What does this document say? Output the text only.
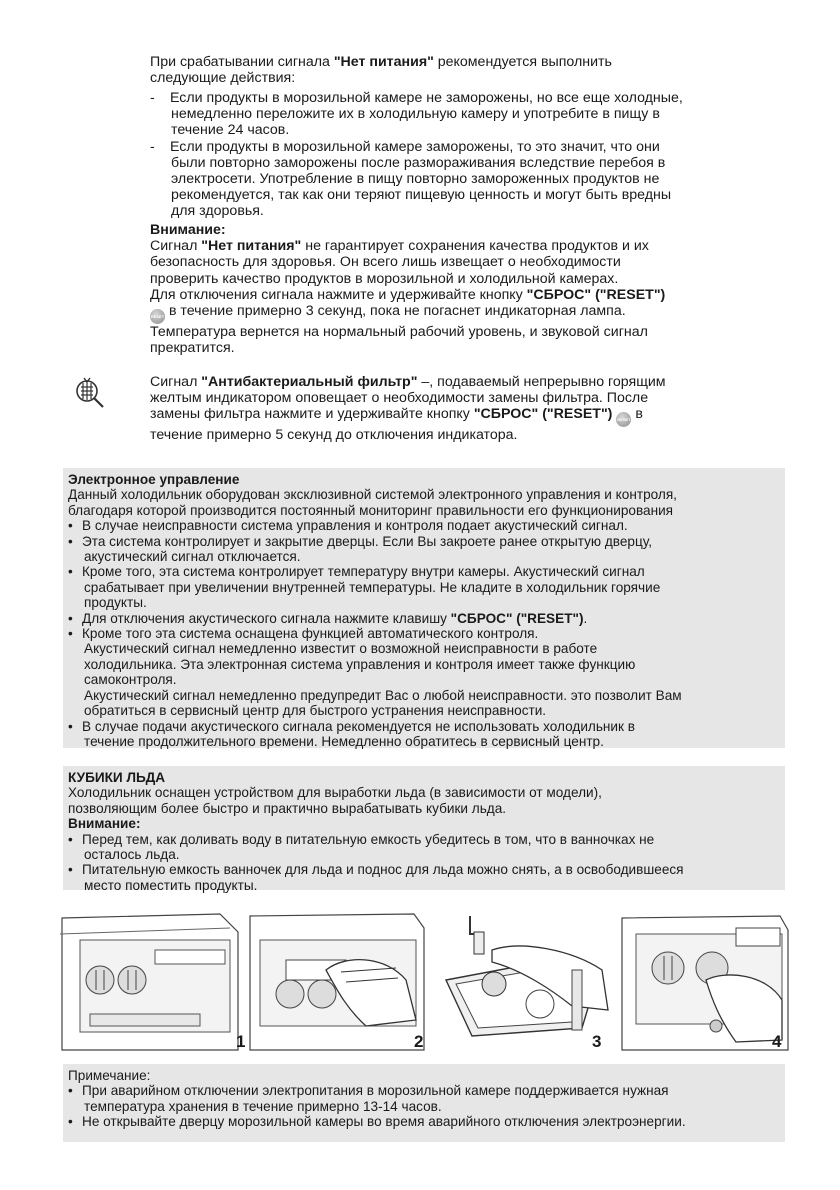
При срабатывании сигнала "Нет питания" рекомендуется выполнить
следующие действия:
- Если продукты в морозильной камере не заморожены, но все еще холодные,
немедленно переложите их в холодильную камеру и употребите в пищу в
течение 24 часов.
- Если продукты в морозильной камере заморожены, то это значит, что они
были повторно заморожены после размораживания вследствие перебоя в
электросети. Употребление в пищу повторно замороженных продуктов не
рекомендуется, так как они теряют пищевую ценность и могут быть вредны
для здоровья.
Внимание:
Сигнал "Нет питания" не гарантирует сохранения качества продуктов и их
безопасность для здоровья. Он всего лишь извещает о необходимости
проверить качество продуктов в морозильной и холодильной камерах.
Для отключения сигнала нажмите и удерживайте кнопку "СБРОС" ("RESET")
RESET в течение примерно 3 секунд, пока не погаснет индикаторная лампа.
Температура вернется на нормальный рабочий уровень, и звуковой сигнал
прекратится.
Сигнал "Антибактериальный фильтр" –, подаваемый непрерывно горящим
желтым индикатором оповещает о необходимости замены фильтра. После
замены фильтра нажмите и удерживайте кнопку "СБРОС" ("RESET") RESET в
течение примерно 5 секунд до отключения индикатора.
Электронное управление
Данный холодильник оборудован эксклюзивной системой электронного управления и контроля,
благодаря которой производится постоянный мониторинг правильности его функционирования
• В случае неисправности система управления и контроля подает акустический сигнал.
• Эта система контролирует и закрытие дверцы. Если Вы закроете ранее открытую дверцу,
акустический сигнал отключается.
• Кроме того, эта система контролирует температуру внутри камеры. Акустический сигнал
срабатывает при увеличении внутренней температуры. Не кладите в холодильник горячие
продукты.
• Для отключения акустического сигнала нажмите клавишу "СБРОС" ("RESET").
• Кроме того эта система оснащена функцией автоматического контроля.
Акустический сигнал немедленно известит о возможной неисправности в работе
холодильника. Эта электронная система управления и контроля имеет также функцию
самоконтроля.
Акустический сигнал немедленно предупредит Вас о любой неисправности. это позволит Вам
обратиться в сервисный центр для быстрого устранения неисправности.
• В случае подачи акустического сигнала рекомендуется не использовать холодильник в
течение продолжительного времени. Немедленно обратитесь в сервисный центр.
КУБИКИ ЛЬДА
Холодильник оснащен устройством для выработки льда (в зависимости от модели),
позволяющим более быстро и практично вырабатывать кубики льда.
Внимание:
• Перед тем, как доливать воду в питательную емкость убедитесь в том, что в ванночках не
осталось льда.
• Питательную емкость ванночек для льда и поднос для льда можно снять, а в освободившееся
место поместить продукты.
1	2	3	4
Примечание:
• При аварийном отключении электропитания в морозильной камере поддерживается нужная
температура хранения в течение примерно 13-14 часов.
• Не открывайте дверцу морозильной камеры во время аварийного отключения электроэнергии.
